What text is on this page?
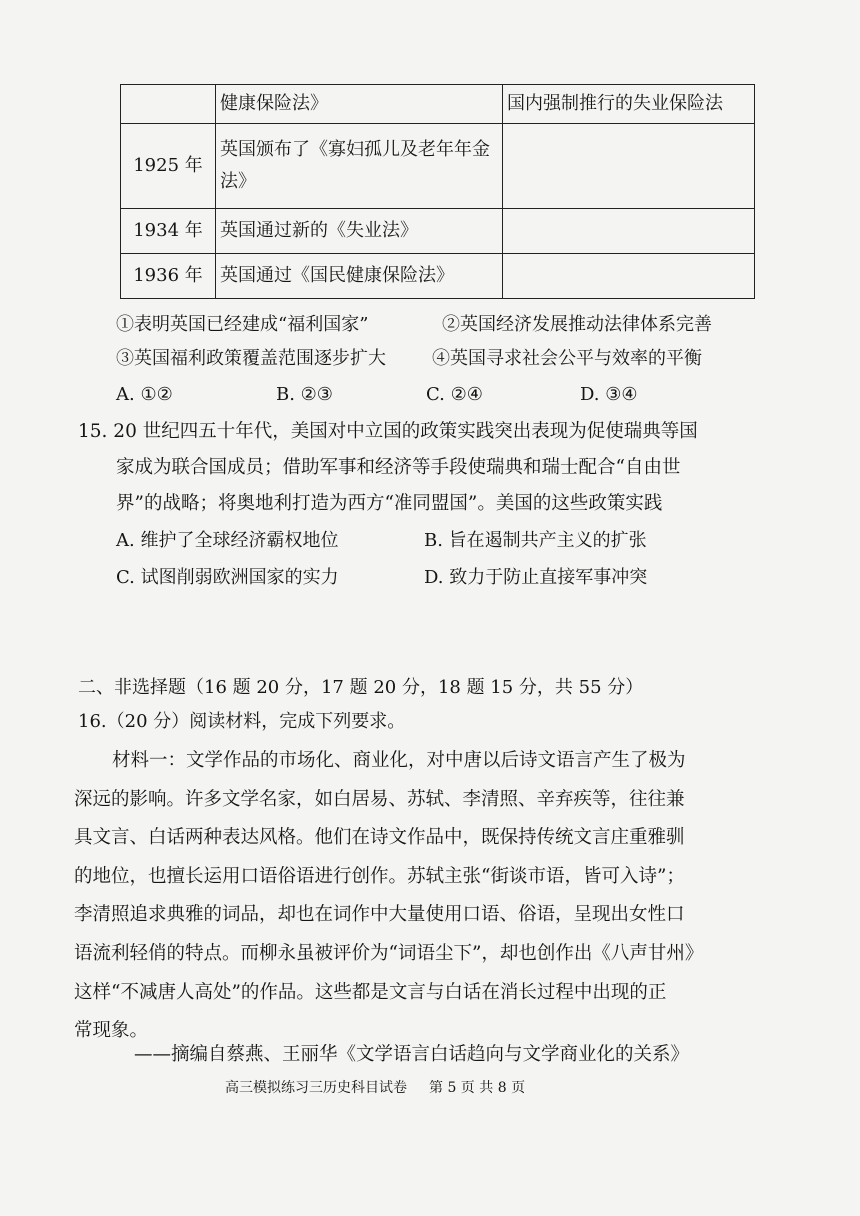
	健康保险法》	国内强制推行的失业保险法
1925 年	英国颁布了《寡妇孤儿及老年年金
法》	

1934 年	英国通过新的《失业法》	
1936 年	英国通过《国民健康保险法》	
①表明英国已经建成“福利国家”	②英国经济发展推动法律体系完善
③英国福利政策覆盖范围逐步扩大	④英国寻求社会公平与效率的平衡
A. ①②	B. ②③	C. ②④	D. ③④
15. 20 世纪四五十年代，美国对中立国的政策实践突出表现为促使瑞典等国
家成为联合国成员；借助军事和经济等手段使瑞典和瑞士配合“自由世
界”的战略；将奥地利打造为西方“准同盟国”。美国的这些政策实践
A. 维护了全球经济霸权地位	B. 旨在遏制共产主义的扩张
C. 试图削弱欧洲国家的实力	D. 致力于防止直接军事冲突
二、非选择题（16 题 20 分，17 题 20 分，18 题 15 分，共 55 分）
16.（20 分）阅读材料，完成下列要求。
材料一：文学作品的市场化、商业化，对中唐以后诗文语言产生了极为
深远的影响。许多文学名家，如白居易、苏轼、李清照、辛弃疾等，往往兼
具文言、白话两种表达风格。他们在诗文作品中，既保持传统文言庄重雅驯
的地位，也擅长运用口语俗语进行创作。苏轼主张“街谈市语，皆可入诗”；
李清照追求典雅的词品，却也在词作中大量使用口语、俗语，呈现出女性口
语流利轻俏的特点。而柳永虽被评价为“词语尘下”，却也创作出《八声甘州》
这样“不减唐人高处”的作品。这些都是文言与白话在消长过程中出现的正
常现象。
——摘编自蔡燕、王丽华《文学语言白话趋向与文学商业化的关系》
高三模拟练习三历史科目试卷 第 5 页 共 8 页
